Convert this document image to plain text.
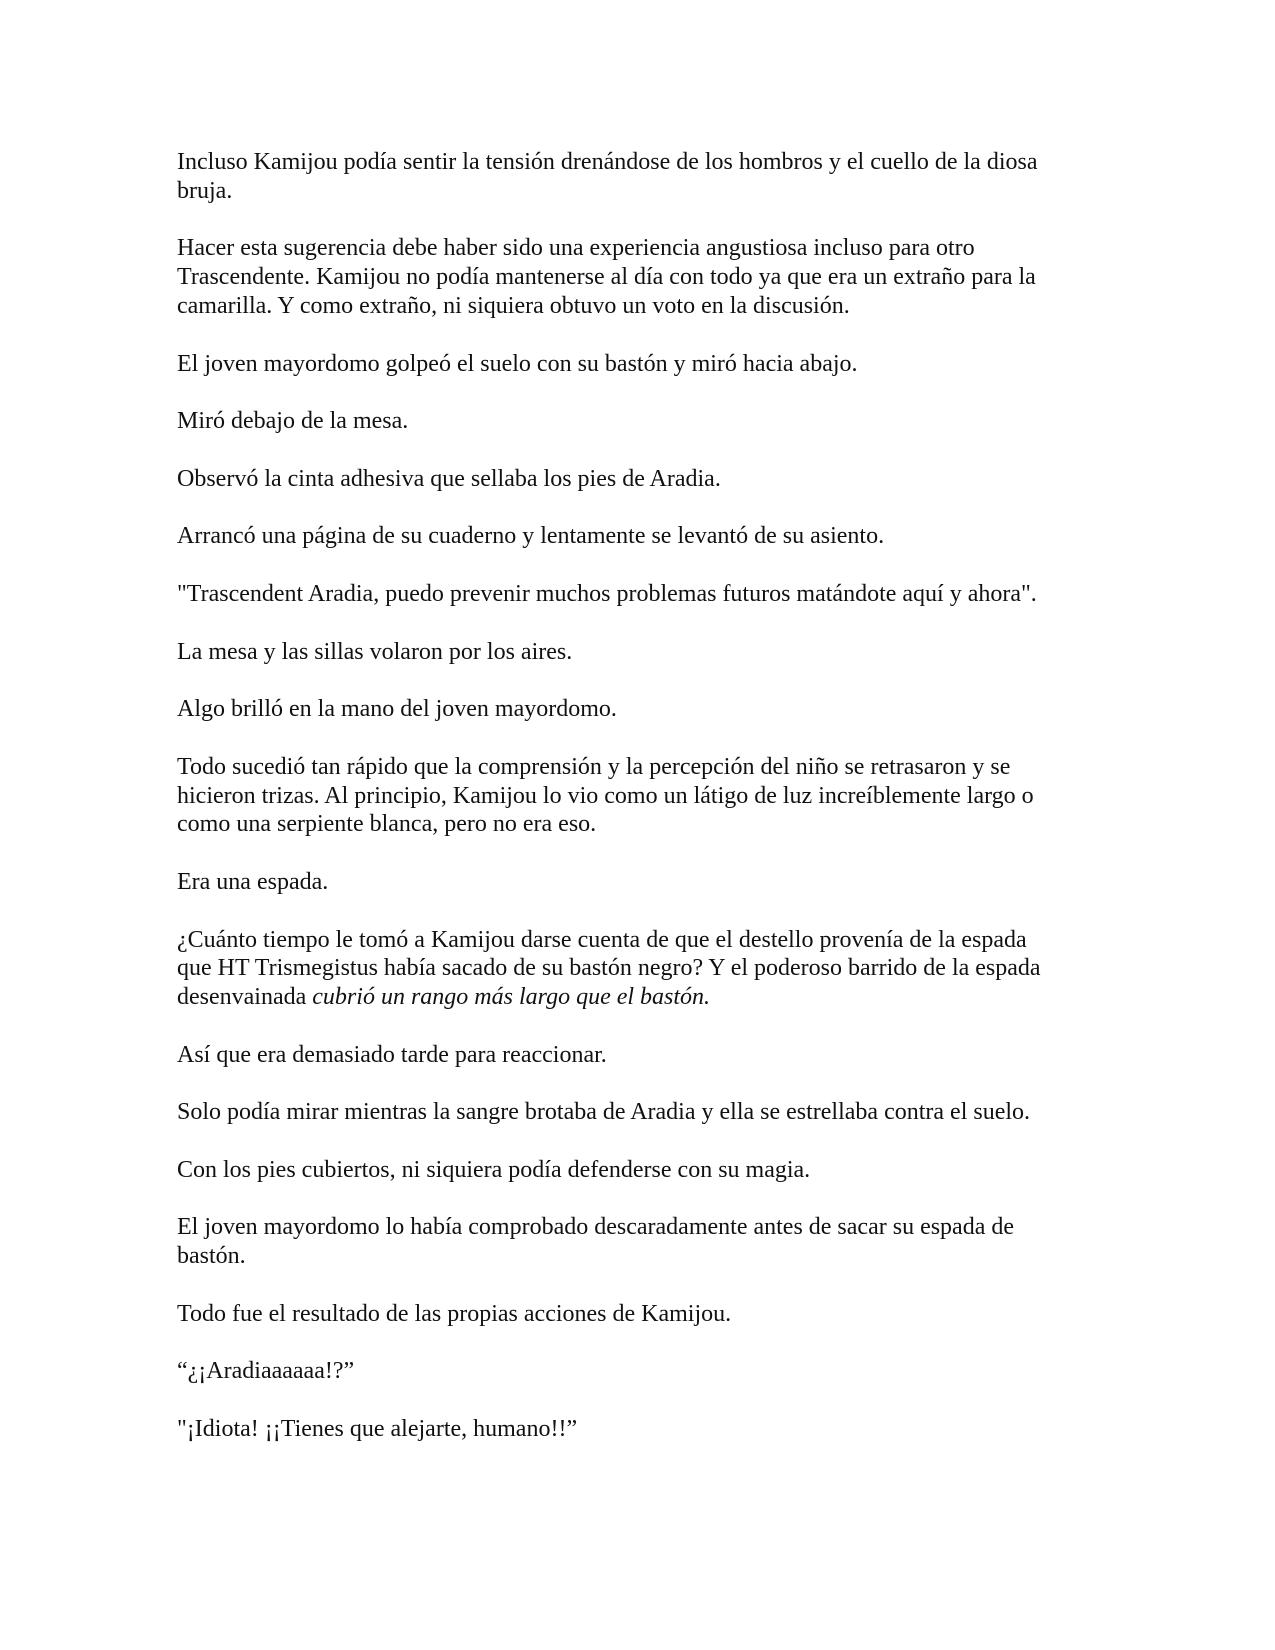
Incluso Kamijou podía sentir la tensión drenándose de los hombros y el cuello de la diosa
bruja.

Hacer esta sugerencia debe haber sido una experiencia angustiosa incluso para otro
Trascendente. Kamijou no podía mantenerse al día con todo ya que era un extraño para la
camarilla. Y como extraño, ni siquiera obtuvo un voto en la discusión.

El joven mayordomo golpeó el suelo con su bastón y miró hacia abajo.

Miró debajo de la mesa.

Observó la cinta adhesiva que sellaba los pies de Aradia.

Arrancó una página de su cuaderno y lentamente se levantó de su asiento.

"Trascendent Aradia, puedo prevenir muchos problemas futuros matándote aquí y ahora".

La mesa y las sillas volaron por los aires.

Algo brilló en la mano del joven mayordomo.

Todo sucedió tan rápido que la comprensión y la percepción del niño se retrasaron y se
hicieron trizas. Al principio, Kamijou lo vio como un látigo de luz increíblemente largo o
como una serpiente blanca, pero no era eso.

Era una espada.

¿Cuánto tiempo le tomó a Kamijou darse cuenta de que el destello provenía de la espada
que HT Trismegistus había sacado de su bastón negro? Y el poderoso barrido de la espada
desenvainada cubrió un rango más largo que el bastón.

Así que era demasiado tarde para reaccionar.

Solo podía mirar mientras la sangre brotaba de Aradia y ella se estrellaba contra el suelo.

Con los pies cubiertos, ni siquiera podía defenderse con su magia.

El joven mayordomo lo había comprobado descaradamente antes de sacar su espada de
bastón.

Todo fue el resultado de las propias acciones de Kamijou.

“¿¡Aradiaaaaaa!?”

"¡Idiota! ¡¡Tienes que alejarte, humano!!”
